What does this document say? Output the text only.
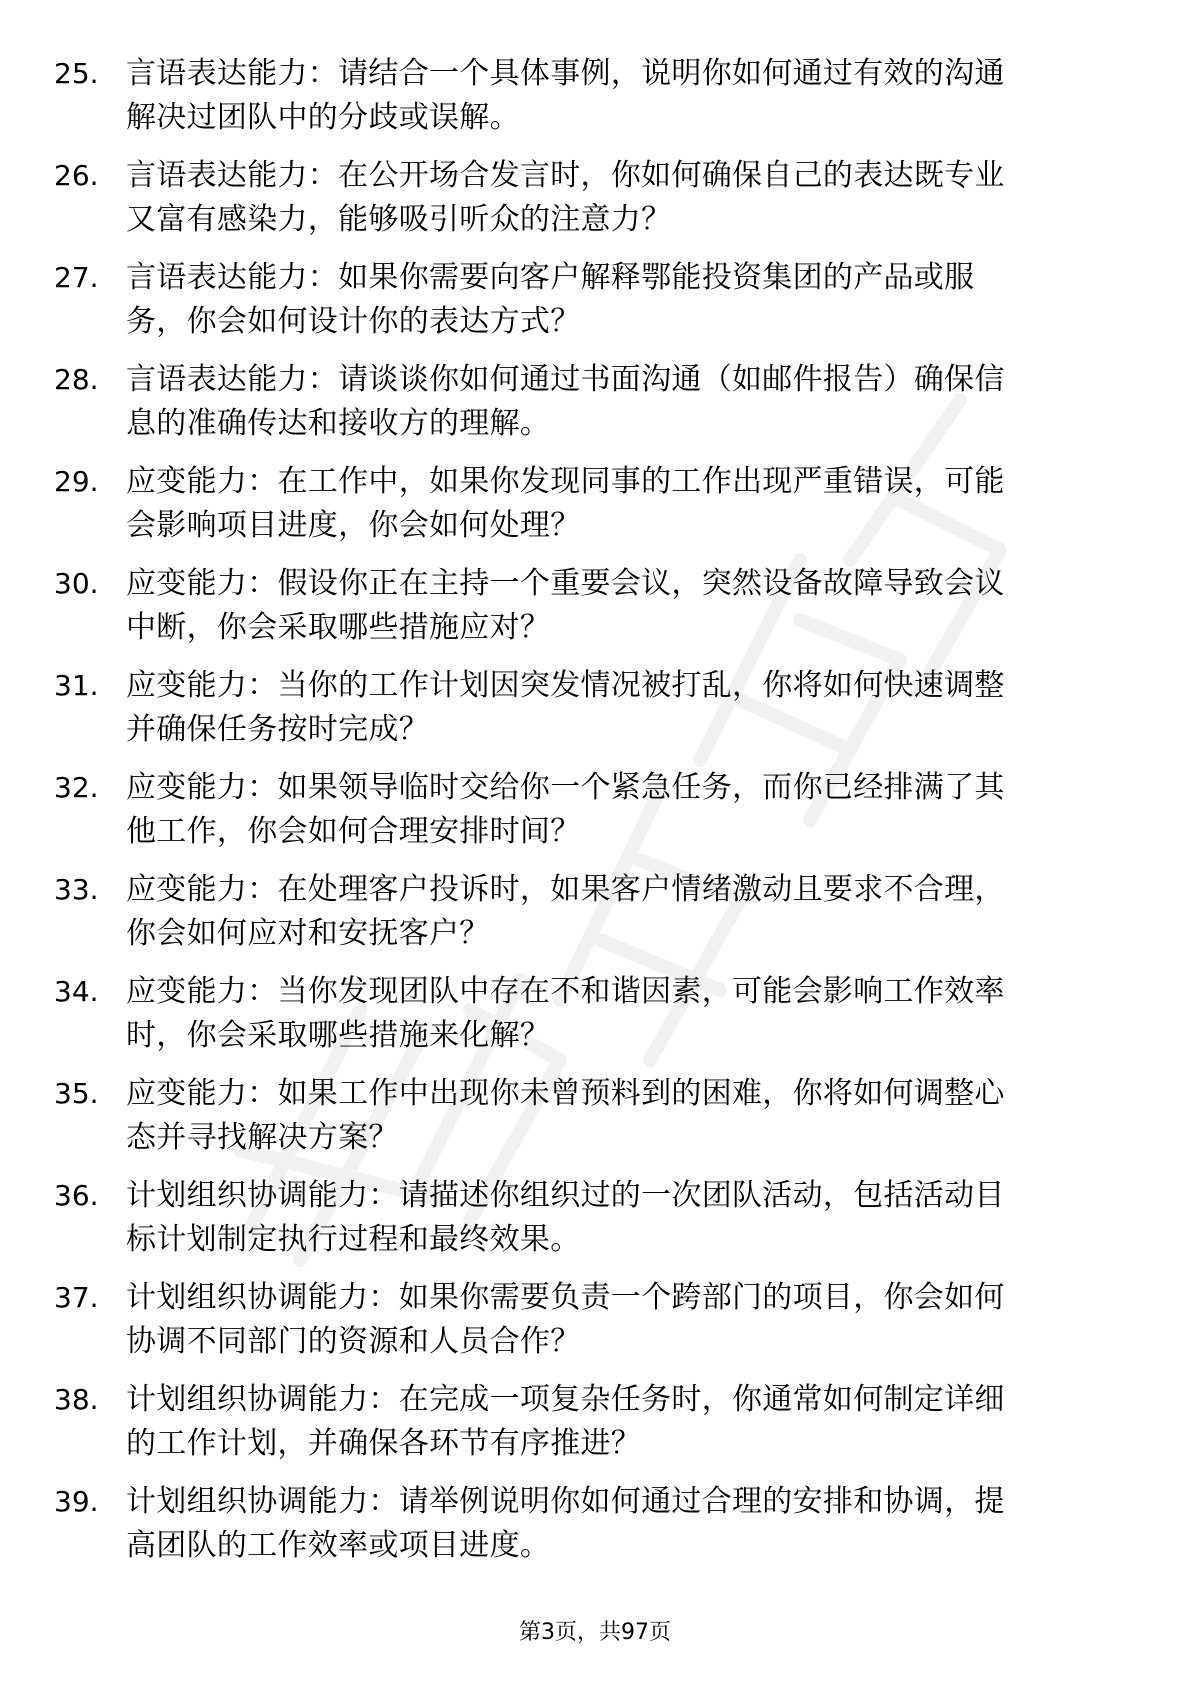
25. 言语表达能力：请结合一个具体事例，说明你如何通过有效的沟通解决过团队中的分歧或误解。
26. 言语表达能力：在公开场合发言时，你如何确保自己的表达既专业又富有感染力，能够吸引听众的注意力？
27. 言语表达能力：如果你需要向客户解释鄂能投资集团的产品或服务，你会如何设计你的表达方式？
28. 言语表达能力：请谈谈你如何通过书面沟通（如邮件报告）确保信息的准确传达和接收方的理解。
29. 应变能力：在工作中，如果你发现同事的工作出现严重错误，可能会影响项目进度，你会如何处理？
30. 应变能力：假设你正在主持一个重要会议，突然设备故障导致会议中断，你会采取哪些措施应对？
31. 应变能力：当你的工作计划因突发情况被打乱，你将如何快速调整并确保任务按时完成？
32. 应变能力：如果领导临时交给你一个紧急任务，而你已经排满了其他工作，你会如何合理安排时间？
33. 应变能力：在处理客户投诉时，如果客户情绪激动且要求不合理，你会如何应对和安抚客户？
34. 应变能力：当你发现团队中存在不和谐因素，可能会影响工作效率时，你会采取哪些措施来化解？
35. 应变能力：如果工作中出现你未曾预料到的困难，你将如何调整心态并寻找解决方案？
36. 计划组织协调能力：请描述你组织过的一次团队活动，包括活动目标计划制定执行过程和最终效果。
37. 计划组织协调能力：如果你需要负责一个跨部门的项目，你会如何协调不同部门的资源和人员合作？
38. 计划组织协调能力：在完成一项复杂任务时，你通常如何制定详细的工作计划，并确保各环节有序推进？
39. 计划组织协调能力：请举例说明你如何通过合理的安排和协调，提高团队的工作效率或项目进度。
第3页，共97页
